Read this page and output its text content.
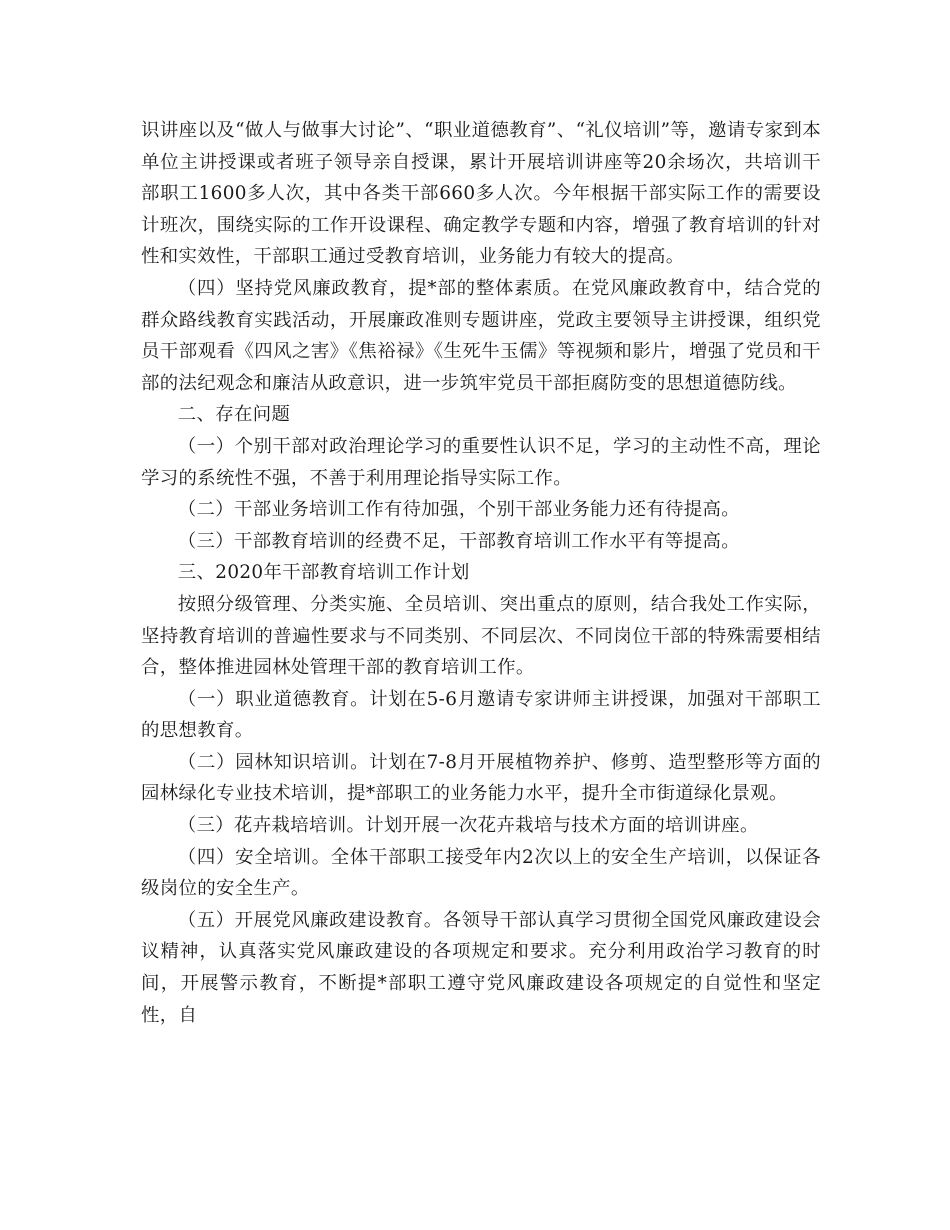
识讲座以及“做人与做事大讨论”、“职业道德教育”、“礼仪培训”等，邀请专家到本单位主讲授课或者班子领导亲自授课，累计开展培训讲座等20余场次，共培训干部职工1600多人次，其中各类干部660多人次。今年根据干部实际工作的需要设计班次，围绕实际的工作开设课程、确定教学专题和内容，增强了教育培训的针对性和实效性，干部职工通过受教育培训，业务能力有较大的提高。

（四）坚持党风廉政教育，提*部的整体素质。在党风廉政教育中，结合党的群众路线教育实践活动，开展廉政准则专题讲座，党政主要领导主讲授课，组织党员干部观看《四风之害》《焦裕禄》《生死牛玉儒》等视频和影片，增强了党员和干部的法纪观念和廉洁从政意识，进一步筑牢党员干部拒腐防变的思想道德防线。

二、存在问题

（一）个别干部对政治理论学习的重要性认识不足，学习的主动性不高，理论学习的系统性不强，不善于利用理论指导实际工作。

（二）干部业务培训工作有待加强，个别干部业务能力还有待提高。

（三）干部教育培训的经费不足，干部教育培训工作水平有等提高。

三、2020年干部教育培训工作计划

按照分级管理、分类实施、全员培训、突出重点的原则，结合我处工作实际，坚持教育培训的普遍性要求与不同类别、不同层次、不同岗位干部的特殊需要相结合，整体推进园林处管理干部的教育培训工作。

（一）职业道德教育。计划在5-6月邀请专家讲师主讲授课，加强对干部职工的思想教育。

（二）园林知识培训。计划在7-8月开展植物养护、修剪、造型整形等方面的园林绿化专业技术培训，提*部职工的业务能力水平，提升全市街道绿化景观。

（三）花卉栽培培训。计划开展一次花卉栽培与技术方面的培训讲座。

（四）安全培训。全体干部职工接受年内2次以上的安全生产培训，以保证各级岗位的安全生产。

（五）开展党风廉政建设教育。各领导干部认真学习贯彻全国党风廉政建设会议精神，认真落实党风廉政建设的各项规定和要求。充分利用政治学习教育的时间，开展警示教育，不断提*部职工遵守党风廉政建设各项规定的自觉性和坚定性，自
